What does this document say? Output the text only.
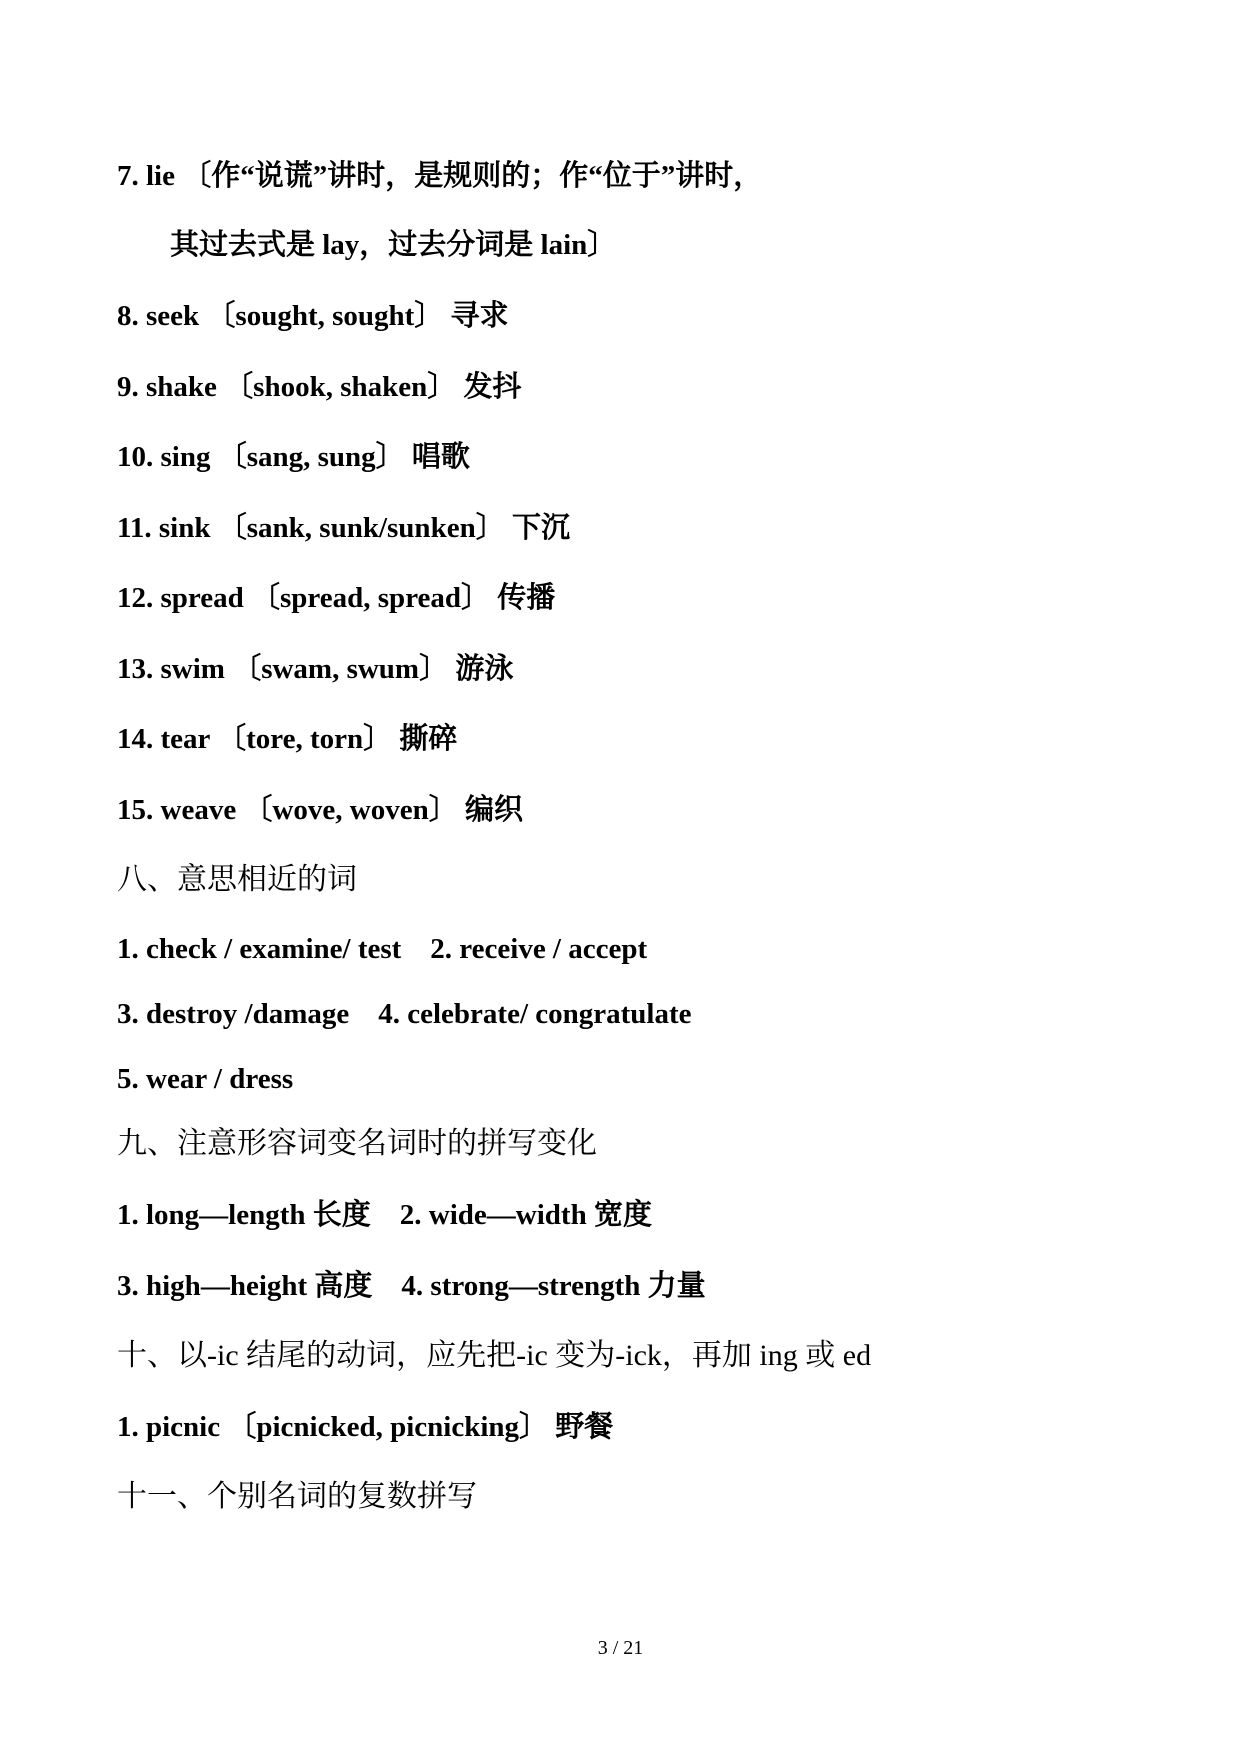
7. lie 〔作“说谎”讲时，是规则的；作“位于”讲时，
其过去式是 lay，过去分词是 lain〕
8. seek 〔sought, sought〕 寻求
9. shake 〔shook, shaken〕 发抖
10. sing 〔sang, sung〕 唱歌
11. sink 〔sank, sunk/sunken〕 下沉
12. spread 〔spread, spread〕 传播
13. swim 〔swam, swum〕 游泳
14. tear 〔tore, torn〕 撕碎
15. weave 〔wove, woven〕 编织
八、意思相近的词
1. check / examine/ test    2. receive / accept
3. destroy /damage    4. celebrate/ congratulate
5. wear / dress
九、注意形容词变名词时的拼写变化
1. long—length 长度    2. wide—width 宽度
3. high—height 高度    4. strong—strength 力量
十、以-ic 结尾的动词，应先把-ic 变为-ick，再加 ing 或 ed
1. picnic 〔picnicked, picnicking〕 野餐
十一、个别名词的复数拼写
3 / 21
